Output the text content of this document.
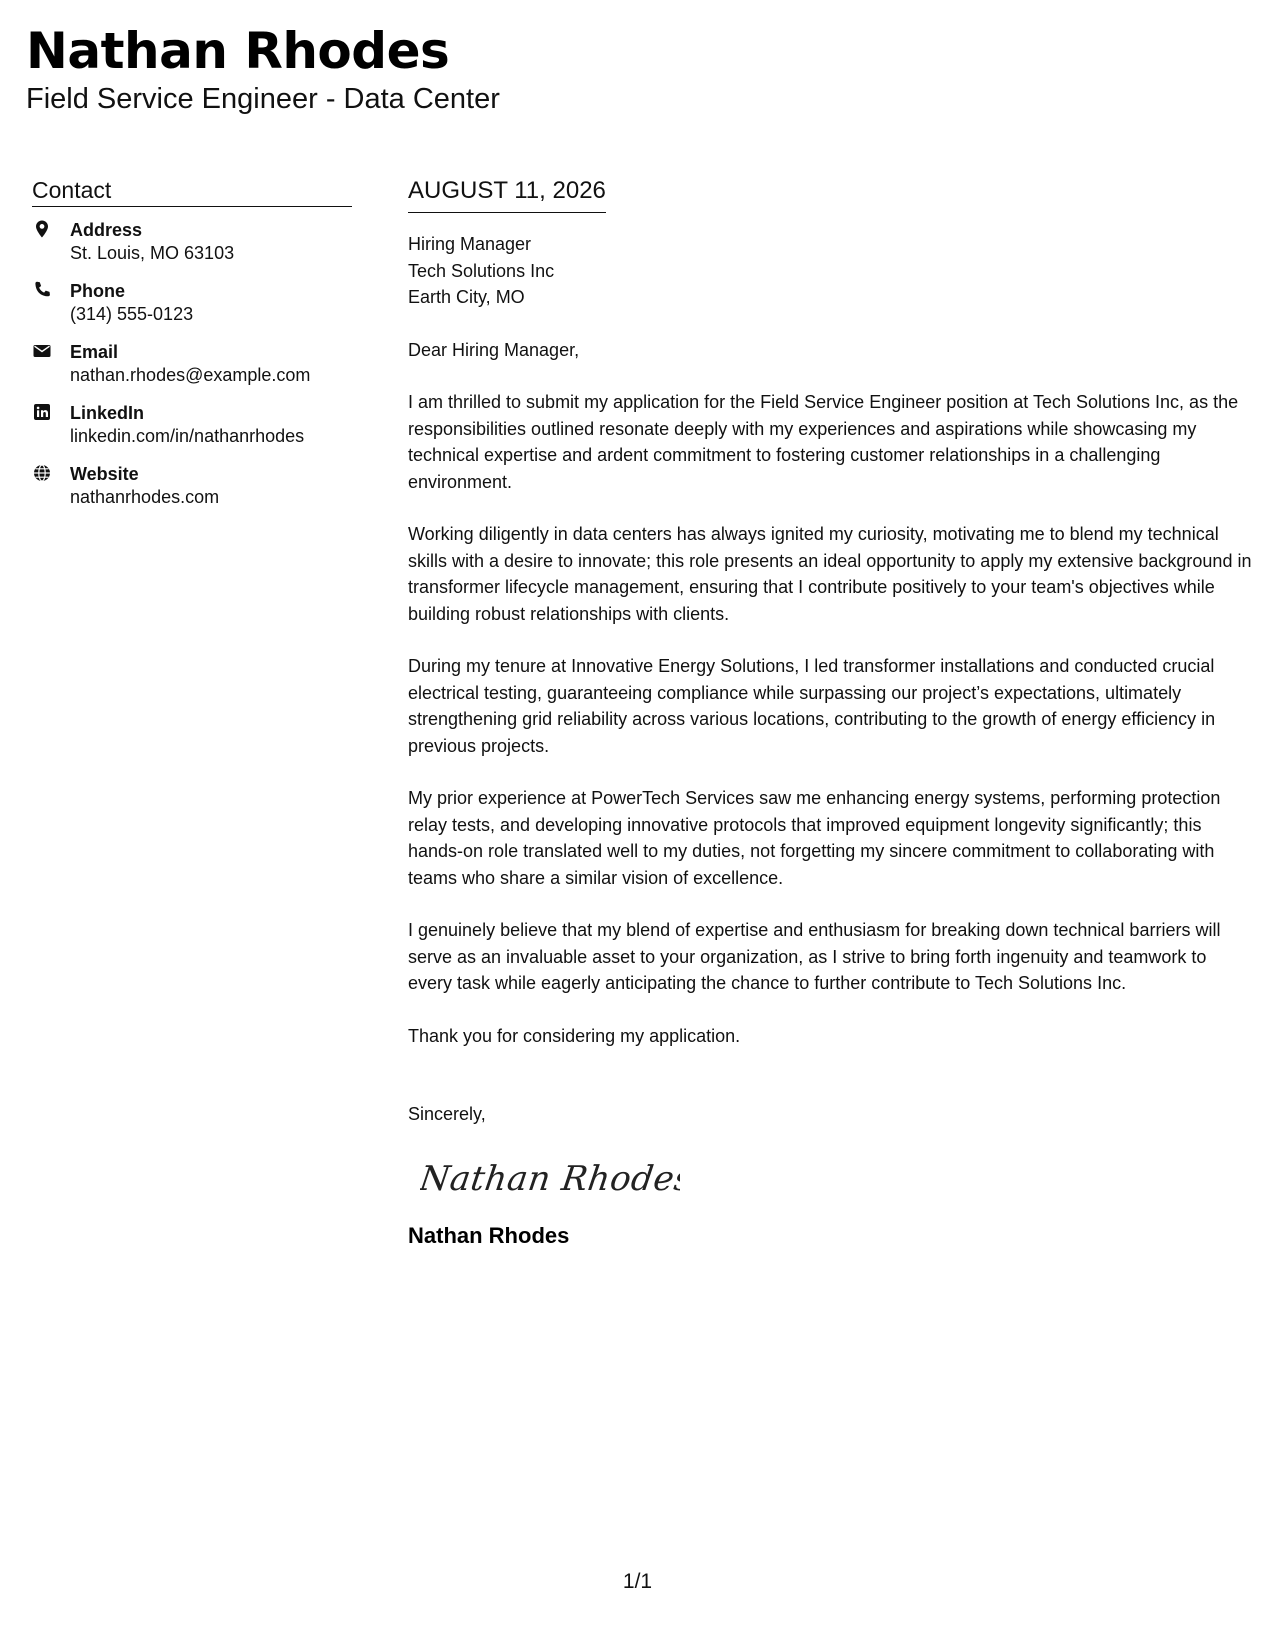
Nathan Rhodes
Field Service Engineer - Data Center
Contact
Address
St. Louis, MO 63103
Phone
(314) 555-0123
Email
nathan.rhodes@example.com
LinkedIn
linkedin.com/in/nathanrhodes
Website
nathanrhodes.com
AUGUST 11, 2026
Hiring Manager
Tech Solutions Inc
Earth City, MO
Dear Hiring Manager,
I am thrilled to submit my application for the Field Service Engineer position at Tech Solutions Inc, as the responsibilities outlined resonate deeply with my experiences and aspirations while showcasing my technical expertise and ardent commitment to fostering customer relationships in a challenging environment.
Working diligently in data centers has always ignited my curiosity, motivating me to blend my technical skills with a desire to innovate; this role presents an ideal opportunity to apply my extensive background in transformer lifecycle management, ensuring that I contribute positively to your team's objectives while building robust relationships with clients.
During my tenure at Innovative Energy Solutions, I led transformer installations and conducted crucial electrical testing, guaranteeing compliance while surpassing our project’s expectations, ultimately strengthening grid reliability across various locations, contributing to the growth of energy efficiency in previous projects.
My prior experience at PowerTech Services saw me enhancing energy systems, performing protection relay tests, and developing innovative protocols that improved equipment longevity significantly; this hands-on role translated well to my duties, not forgetting my sincere commitment to collaborating with teams who share a similar vision of excellence.
I genuinely believe that my blend of expertise and enthusiasm for breaking down technical barriers will serve as an invaluable asset to your organization, as I strive to bring forth ingenuity and teamwork to every task while eagerly anticipating the chance to further contribute to Tech Solutions Inc.
Thank you for considering my application.
Sincerely,
Nathan Rhodes
Nathan Rhodes
1/1
